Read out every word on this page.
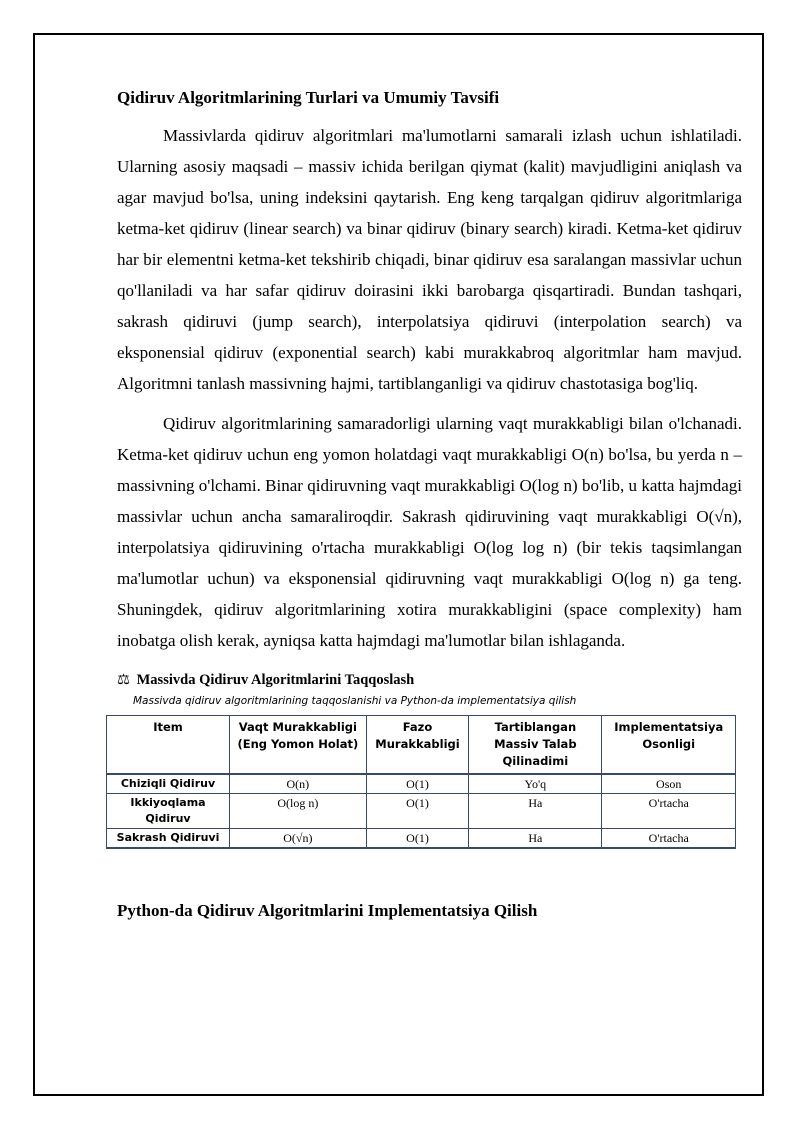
Qidiruv Algoritmlarining Turlari va Umumiy Tavsifi

Massivlarda qidiruv algoritmlari ma'lumotlarni samarali izlash uchun ishlatiladi. Ularning asosiy maqsadi – massiv ichida berilgan qiymat (kalit) mavjudligini aniqlash va agar mavjud bo'lsa, uning indeksini qaytarish. Eng keng tarqalgan qidiruv algoritmlariga ketma-ket qidiruv (linear search) va binar qidiruv (binary search) kiradi. Ketma-ket qidiruv har bir elementni ketma-ket tekshirib chiqadi, binar qidiruv esa saralangan massivlar uchun qo'llaniladi va har safar qidiruv doirasini ikki barobarga qisqartiradi. Bundan tashqari, sakrash qidiruvi (jump search), interpolatsiya qidiruvi (interpolation search) va eksponensial qidiruv (exponential search) kabi murakkabroq algoritmlar ham mavjud. Algoritmni tanlash massivning hajmi, tartiblanganligi va qidiruv chastotasiga bog'liq.

Qidiruv algoritmlarining samaradorligi ularning vaqt murakkabligi bilan o'lchanadi. Ketma-ket qidiruv uchun eng yomon holatdagi vaqt murakkabligi O(n) bo'lsa, bu yerda n – massivning o'lchami. Binar qidiruvning vaqt murakkabligi O(log n) bo'lib, u katta hajmdagi massivlar uchun ancha samaraliroqdir. Sakrash qidiruvining vaqt murakkabligi O(√n), interpolatsiya qidiruvining o'rtacha murakkabligi O(log log n) (bir tekis taqsimlangan ma'lumotlar uchun) va eksponensial qidiruvning vaqt murakkabligi O(log n) ga teng. Shuningdek, qidiruv algoritmlarining xotira murakkabligini (space complexity) ham inobatga olish kerak, ayniqsa katta hajmdagi ma'lumotlar bilan ishlaganda.

⚖ Massivda Qidiruv Algoritmlarini Taqqoslash
Massivda qidiruv algoritmlarining taqqoslanishi va Python-da implementatsiya qilish
Item	Vaqt Murakkabligi (Eng Yomon Holat)	Fazo Murakkabligi	Tartiblangan Massiv Talab Qilinadimi	Implementatsiya Osonligi
Chiziqli Qidiruv	O(n)	O(1)	Yo'q	Oson
Ikkiyoqlama Qidiruv	O(log n)	O(1)	Ha	O'rtacha
Sakrash Qidiruvi	O(√n)	O(1)	Ha	O'rtacha
Python-da Qidiruv Algoritmlarini Implementatsiya Qilish
